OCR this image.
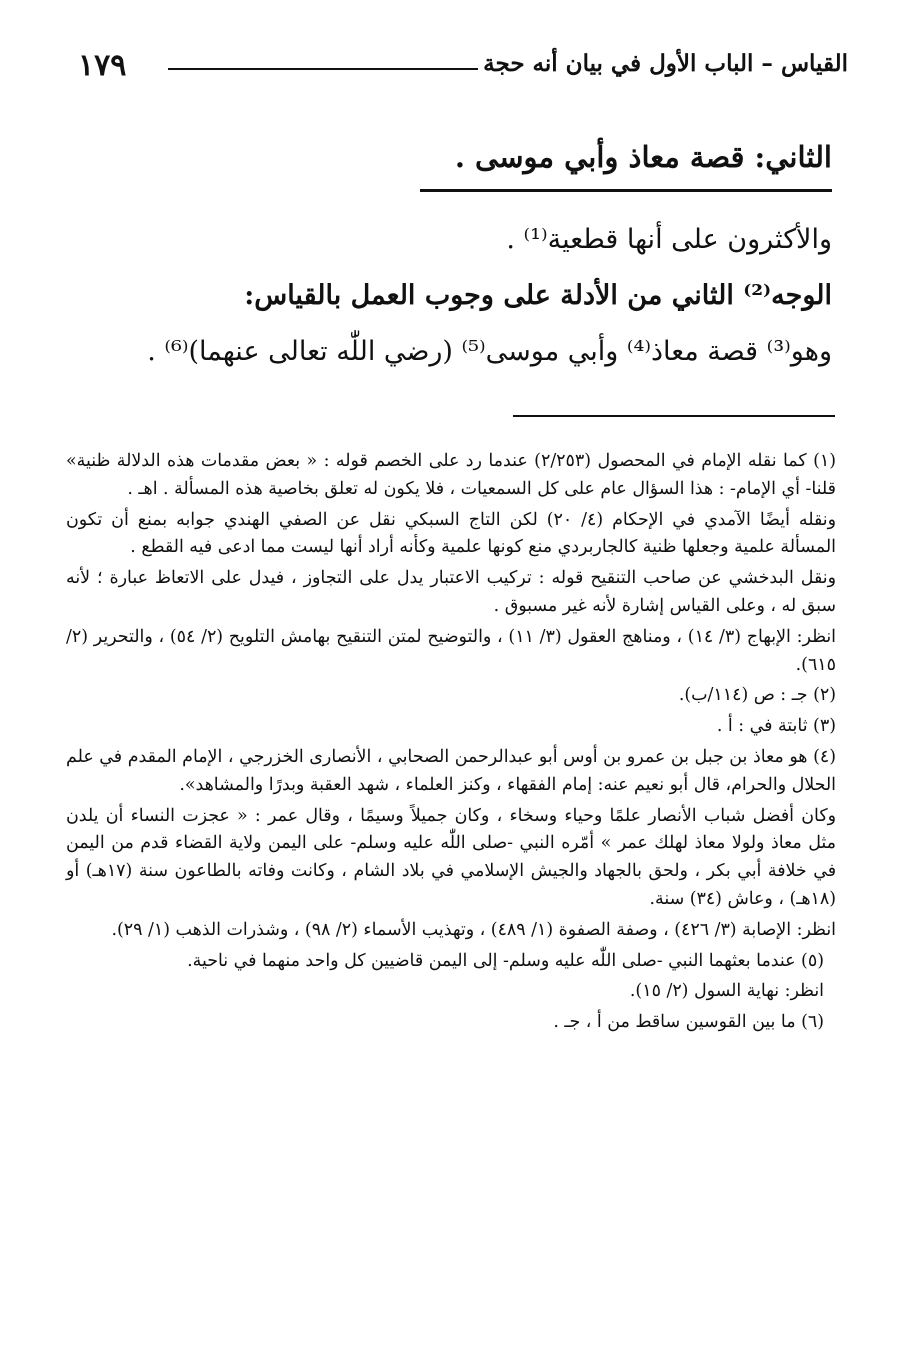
١٧٩	القياس – الباب الأول في بيان أنه حجة
الثاني: قصة معاذ وأبي موسى .
والأكثرون على أنها قطعية⁽¹⁾ .
الوجه⁽²⁾ الثاني من الأدلة على وجوب العمل بالقياس:
وهو⁽³⁾ قصة معاذ⁽⁴⁾ وأبي موسى⁽⁵⁾ (رضي اللّٰه تعالى عنهما)⁽⁶⁾ .
(١) كما نقله الإمام في المحصول (٢/٢٥٣) عندما رد على الخصم قوله : « بعض مقدمات هذه الدلالة ظنية» قلنا- أي الإمام- : هذا السؤال عام على كل السمعيات ، فلا يكون له تعلق بخاصية هذه المسألة . اهـ .
ونقله أيضًا الآمدي في الإحكام (٤/ ٢٠) لكن التاج السبكي نقل عن الصفي الهندي جوابه بمنع أن تكون المسألة علمية وجعلها ظنية كالجاربردي منع كونها علمية وكأنه أراد أنها ليست مما ادعى فيه القطع .
ونقل البدخشي عن صاحب التنقيح قوله : تركيب الاعتبار يدل على التجاوز ، فيدل على الاتعاظ عبارة ؛ لأنه سبق له ، وعلى القياس إشارة لأنه غير مسبوق .
انظر: الإبهاج (٣/ ١٤) ، ومناهج العقول (٣/ ١١) ، والتوضيح لمتن التنقيح بهامش التلويح (٢/ ٥٤) ، والتحرير (٢/ ٦١٥).
(٢) جـ : ص (١١٤/ب).
(٣) ثابتة في : أ .
(٤) هو معاذ بن جبل بن عمرو بن أوس أبو عبدالرحمن الصحابي ، الأنصارى الخزرجي ، الإمام المقدم في علم الحلال والحرام، قال أبو نعيم عنه: إمام الفقهاء ، وكنز العلماء ، شهد العقبة وبدرًا والمشاهد».
وكان أفضل شباب الأنصار علمًا وحياء وسخاء ، وكان جميلاً وسيمًا ، وقال عمر : « عجزت النساء أن يلدن مثل معاذ ولولا معاذ لهلك عمر » أمّره النبي -صلى اللّٰه عليه وسلم- على اليمن ولاية القضاء قدم من اليمن في خلافة أبي بكر ، ولحق بالجهاد والجيش الإسلامي في بلاد الشام ، وكانت وفاته بالطاعون سنة (١٧هـ) أو (١٨هـ) ، وعاش (٣٤) سنة.
انظر: الإصابة (٣/ ٤٢٦) ، وصفة الصفوة (١/ ٤٨٩) ، وتهذيب الأسماء (٢/ ٩٨) ، وشذرات الذهب (١/ ٢٩).
(٥) عندما بعثهما النبي -صلى اللّٰه عليه وسلم- إلى اليمن قاضيين كل واحد منهما في ناحية.
انظر: نهاية السول (٢/ ١٥).
(٦) ما بين القوسين ساقط من أ ، جـ .
